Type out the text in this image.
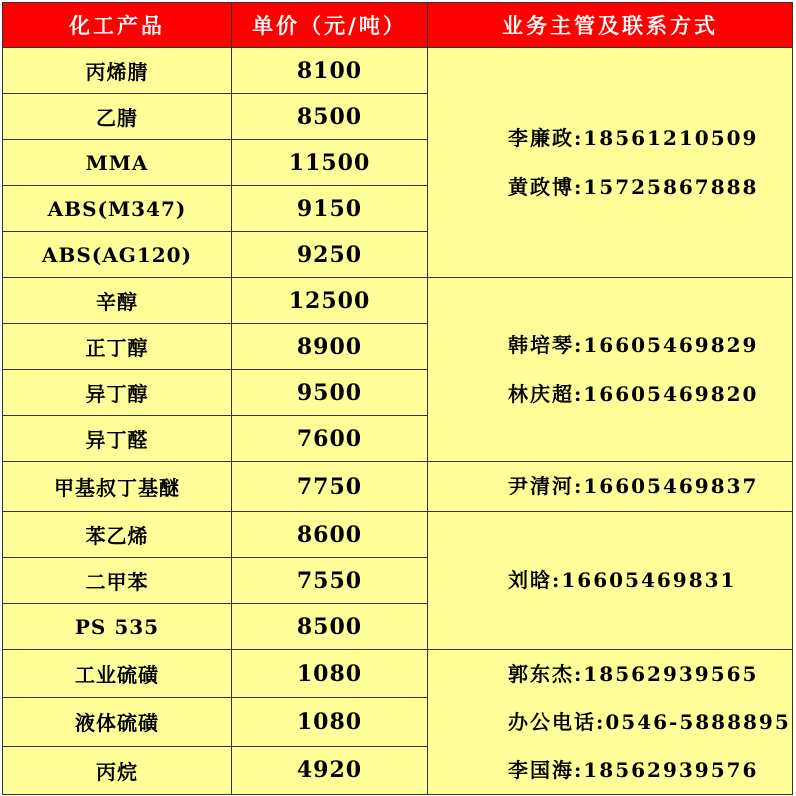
化工产品	单价（元/吨）	业务主管及联系方式
丙烯腈	8100	李廉政:18561210509
黄政博:15725867888

乙腈	8500	
MMA	11500	
ABS(M347)	9150	
ABS(AG120)	9250	
辛醇	12500	韩培琴:16605469829
林庆超:16605469820

正丁醇	8900	
异丁醇	9500	
异丁醛	7600	
甲基叔丁基醚	7750	尹清河:16605469837

苯乙烯	8600	刘晗:16605469831

二甲苯	7550	
PS 535	8500	
工业硫磺	1080	郭东杰:18562939565
办公电话:0546-5888895
李国海:18562939576

液体硫磺	1080	
丙烷	4920	
